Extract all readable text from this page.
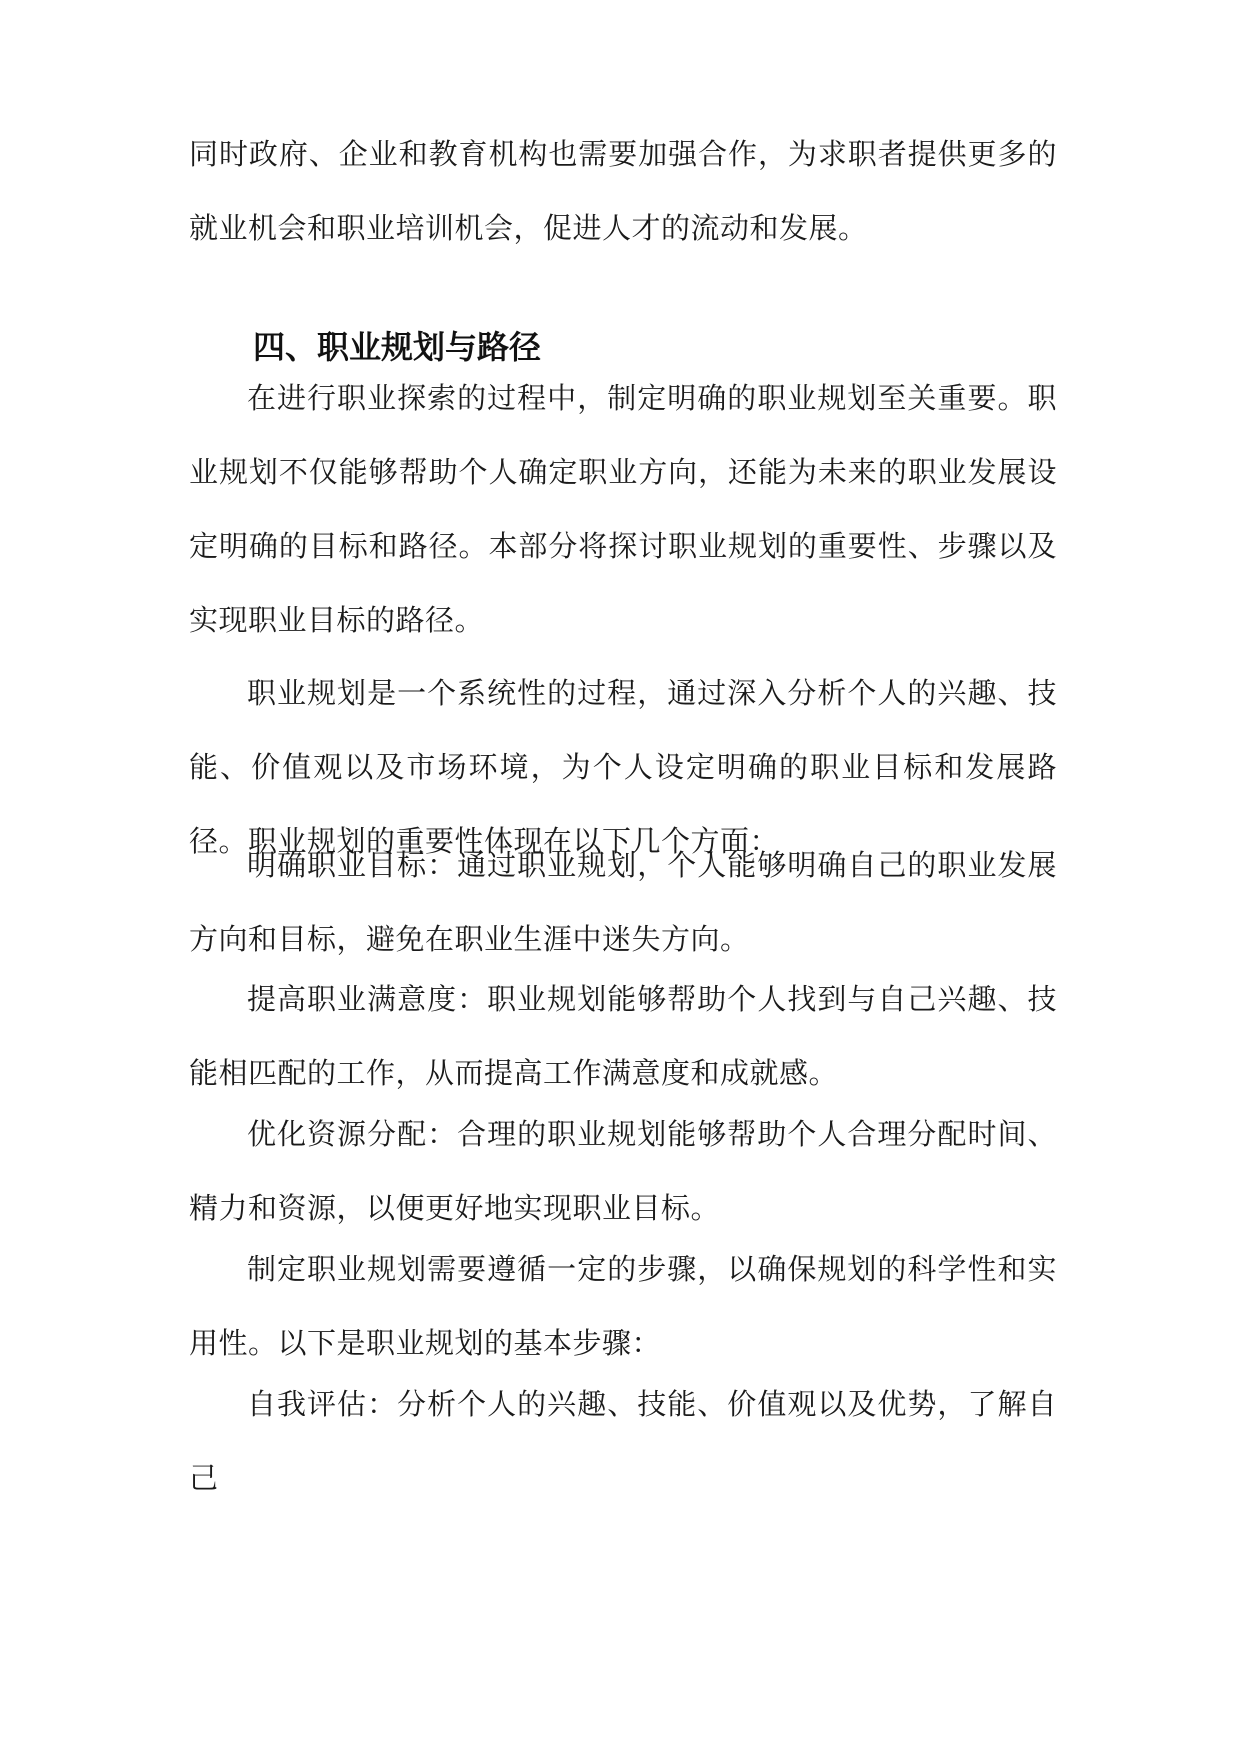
同时政府、企业和教育机构也需要加强合作，为求职者提供更多的就业机会和职业培训机会，促进人才的流动和发展。

四、职业规划与路径

在进行职业探索的过程中，制定明确的职业规划至关重要。职业规划不仅能够帮助个人确定职业方向，还能为未来的职业发展设定明确的目标和路径。本部分将探讨职业规划的重要性、步骤以及实现职业目标的路径。

职业规划是一个系统性的过程，通过深入分析个人的兴趣、技能、价值观以及市场环境，为个人设定明确的职业目标和发展路径。职业规划的重要性体现在以下几个方面：

明确职业目标：通过职业规划，个人能够明确自己的职业发展方向和目标，避免在职业生涯中迷失方向。

提高职业满意度：职业规划能够帮助个人找到与自己兴趣、技能相匹配的工作，从而提高工作满意度和成就感。

优化资源分配：合理的职业规划能够帮助个人合理分配时间、精力和资源，以便更好地实现职业目标。

制定职业规划需要遵循一定的步骤，以确保规划的科学性和实用性。以下是职业规划的基本步骤：

自我评估：分析个人的兴趣、技能、价值观以及优势，了解自己
